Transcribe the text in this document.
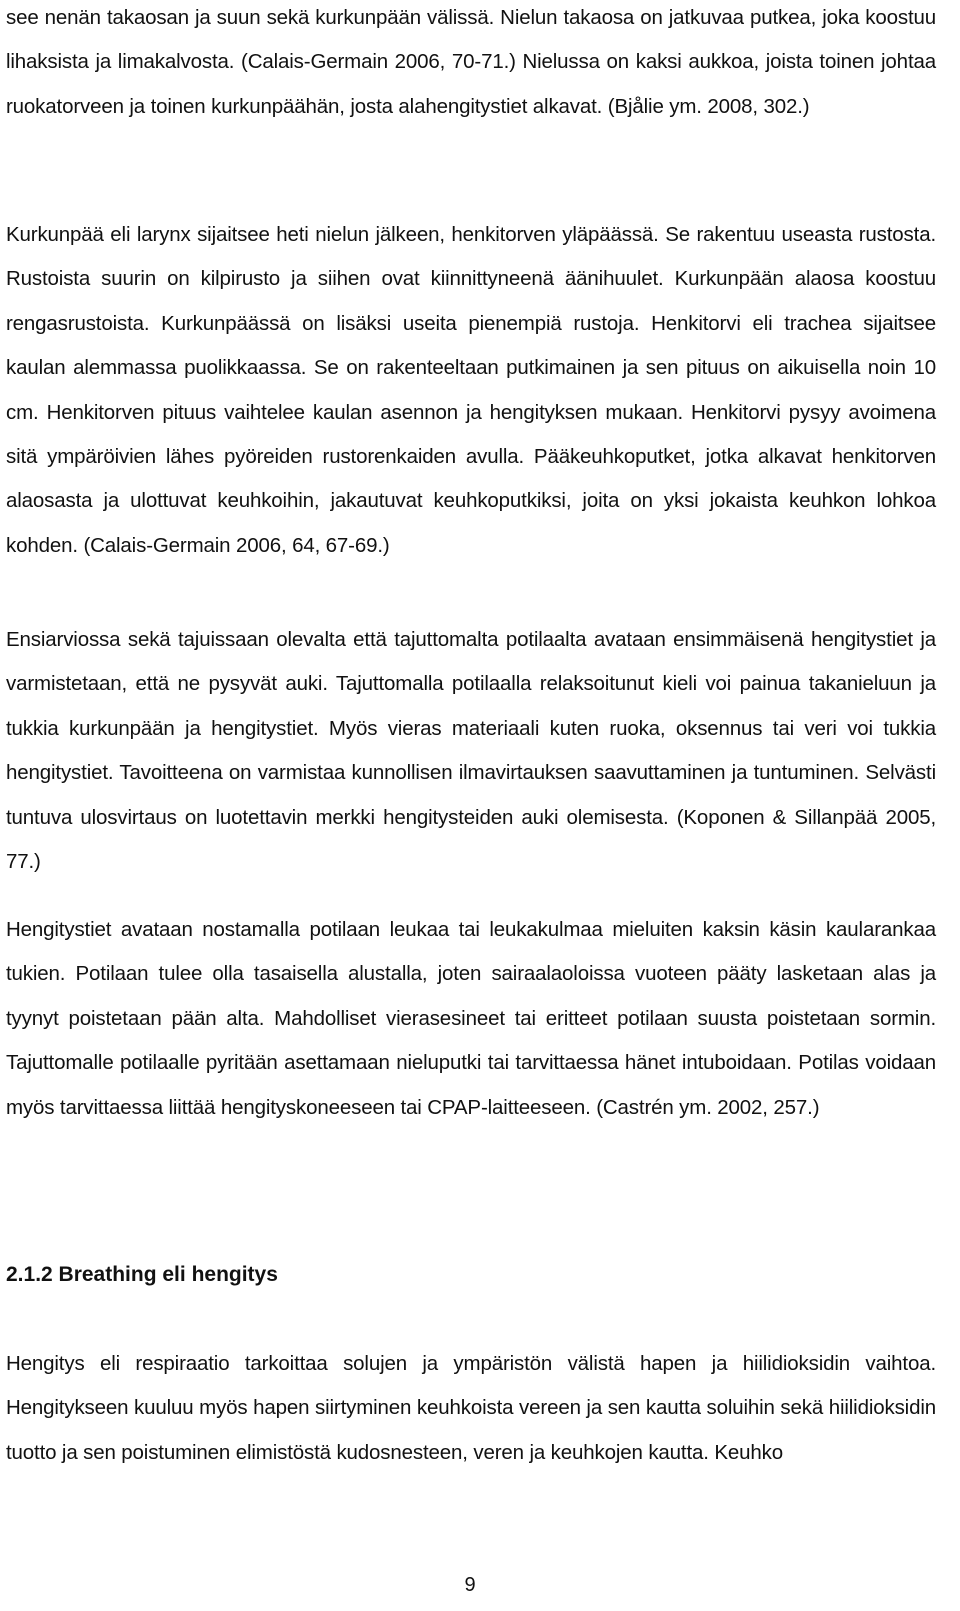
see nenän takaosan ja suun sekä kurkunpään välissä. Nielun takaosa on jatkuvaa putkea, joka koostuu lihaksista ja limakalvosta. (Calais-Germain 2006, 70-71.) Nielussa on kaksi aukkoa, joista toinen johtaa ruokatorveen ja toinen kurkunpäähän, josta alahengitystiet alkavat. (Bjålie ym. 2008, 302.)

Kurkunpää eli larynx sijaitsee heti nielun jälkeen, henkitorven yläpäässä. Se rakentuu useasta rustosta. Rustoista suurin on kilpirusto ja siihen ovat kiinnittyneenä äänihuulet. Kurkunpään alaosa koostuu rengasrustoista. Kurkunpäässä on lisäksi useita pienempiä rustoja. Henkitorvi eli trachea sijaitsee kaulan alemmassa puolikkaassa. Se on rakenteeltaan putkimainen ja sen pituus on aikuisella noin 10 cm. Henkitorven pituus vaihtelee kaulan asennon ja hengityksen mukaan. Henkitorvi pysyy avoimena sitä ympäröivien lähes pyöreiden rustorenkaiden avulla. Pääkeuhkoputket, jotka alkavat henkitorven alaosasta ja ulottuvat keuhkoihin, jakautuvat keuhkoputkiksi, joita on yksi jokaista keuhkon lohkoa kohden. (Calais-Germain 2006, 64, 67-69.)

Ensiarviossa sekä tajuissaan olevalta että tajuttomalta potilaalta avataan ensimmäisenä hengitystiet ja varmistetaan, että ne pysyvät auki. Tajuttomalla potilaalla relaksoitunut kieli voi painua takanieluun ja tukkia kurkunpään ja hengitystiet. Myös vieras materiaali kuten ruoka, oksennus tai veri voi tukkia hengitystiet. Tavoitteena on varmistaa kunnollisen ilmavirtauksen saavuttaminen ja tuntuminen. Selvästi tuntuva ulosvirtaus on luotettavin merkki hengitysteiden auki olemisesta. (Koponen & Sillanpää 2005, 77.)

Hengitystiet avataan nostamalla potilaan leukaa tai leukakulmaa mieluiten kaksin käsin kaularankaa tukien. Potilaan tulee olla tasaisella alustalla, joten sairaalaoloissa vuoteen pääty lasketaan alas ja tyynyt poistetaan pään alta. Mahdolliset vierasesineet tai eritteet potilaan suusta poistetaan sormin. Tajuttomalle potilaalle pyritään asettamaan nieluputki tai tarvittaessa hänet intuboidaan. Potilas voidaan myös tarvittaessa liittää hengityskoneeseen tai CPAP-laitteeseen. (Castrén ym. 2002, 257.)

2.1.2 Breathing eli hengitys

Hengitys eli respiraatio tarkoittaa solujen ja ympäristön välistä hapen ja hiilidioksidin vaihtoa. Hengitykseen kuuluu myös hapen siirtyminen keuhkoista vereen ja sen kautta soluihin sekä hiilidioksidin tuotto ja sen poistuminen elimistöstä kudosnesteen, veren ja keuhkojen kautta. Keuhko

9
